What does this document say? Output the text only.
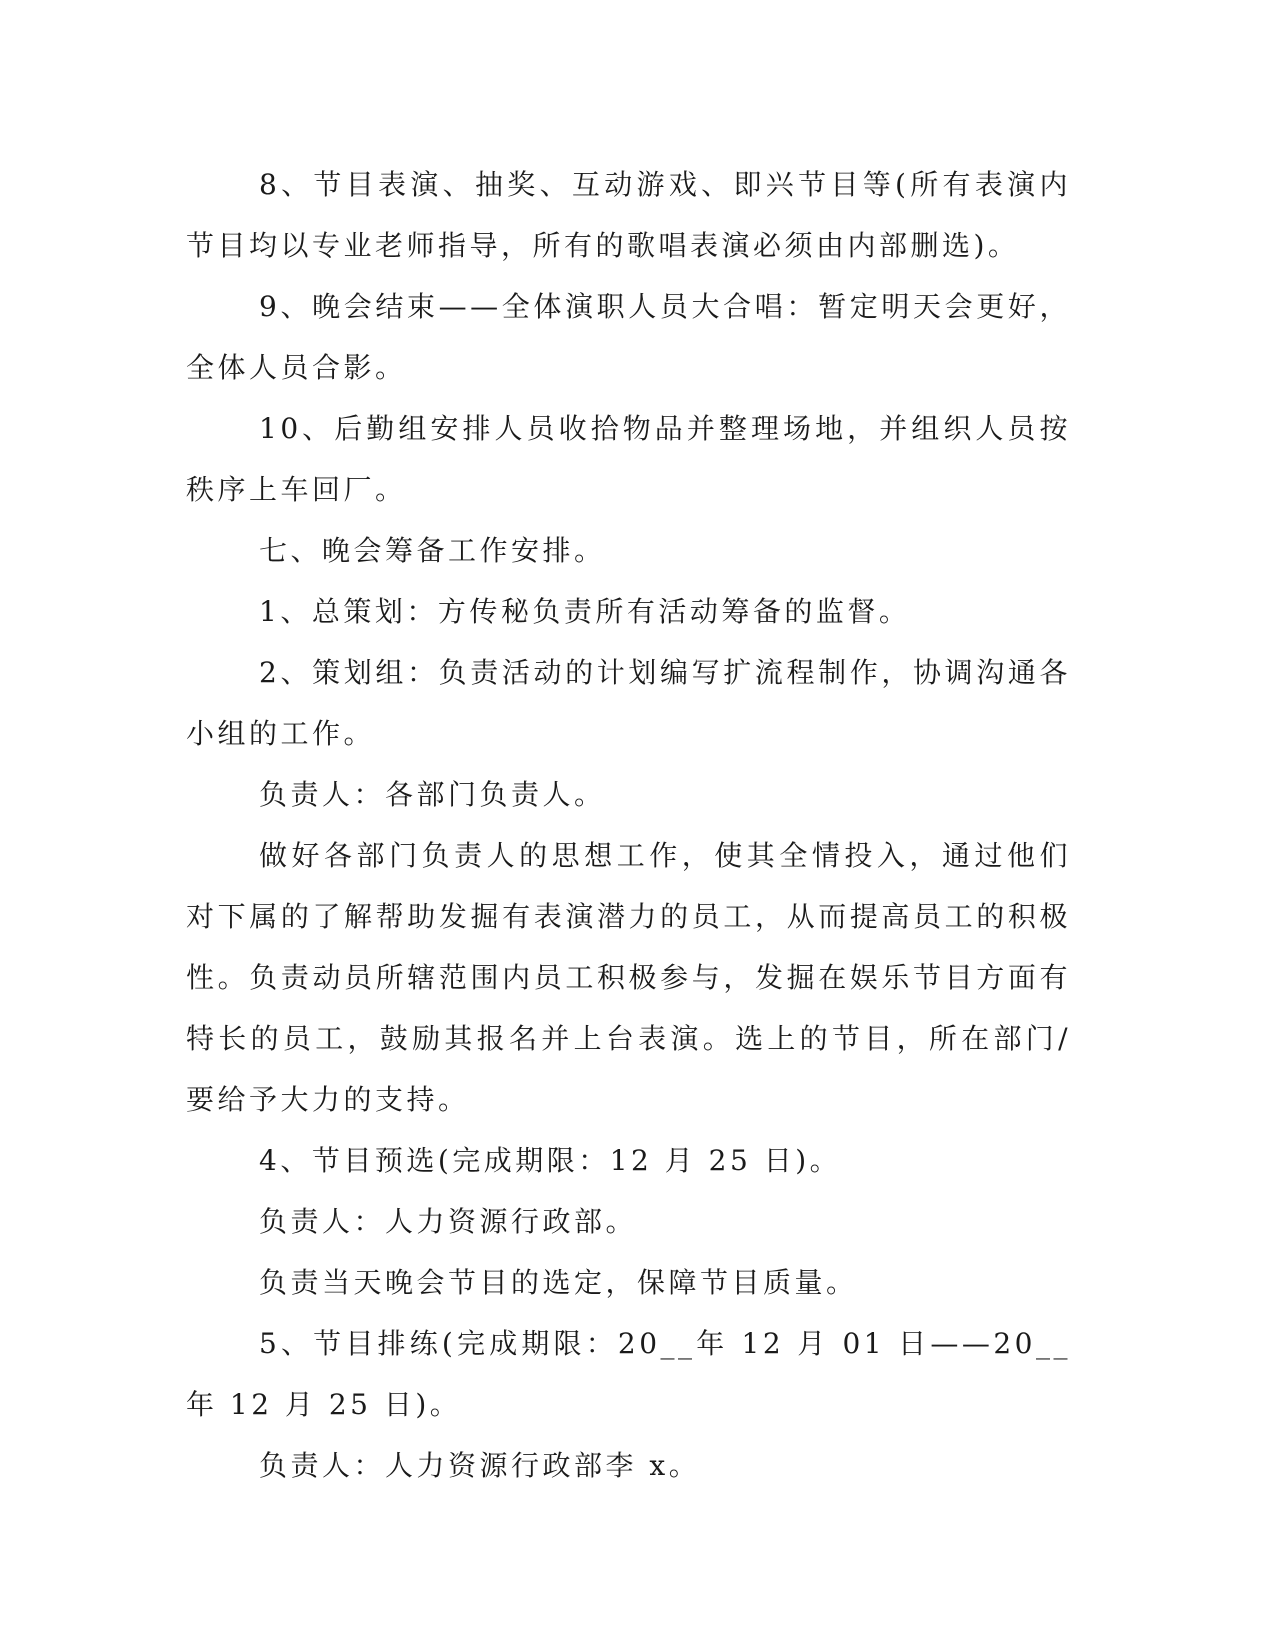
8、节目表演、抽奖、互动游戏、即兴节目等(所有表演内节目均以专业老师指导，所有的歌唱表演必须由内部删选)。

9、晚会结束——全体演职人员大合唱：暂定明天会更好，全体人员合影。

10、后勤组安排人员收拾物品并整理场地，并组织人员按秩序上车回厂。

七、晚会筹备工作安排。

1、总策划：方传秘负责所有活动筹备的监督。

2、策划组：负责活动的计划编写扩流程制作，协调沟通各小组的工作。

负责人：各部门负责人。

做好各部门负责人的思想工作，使其全情投入，通过他们对下属的了解帮助发掘有表演潜力的员工，从而提高员工的积极性。负责动员所辖范围内员工积极参与，发掘在娱乐节目方面有特长的员工，鼓励其报名并上台表演。选上的节目，所在部门/要给予大力的支持。

4、节目预选(完成期限：12 月 25 日)。

负责人：人力资源行政部。

负责当天晚会节目的选定，保障节目质量。

5、节目排练(完成期限：20__年 12 月 01 日——20__年 12 月 25 日)。

负责人：人力资源行政部李 x。
